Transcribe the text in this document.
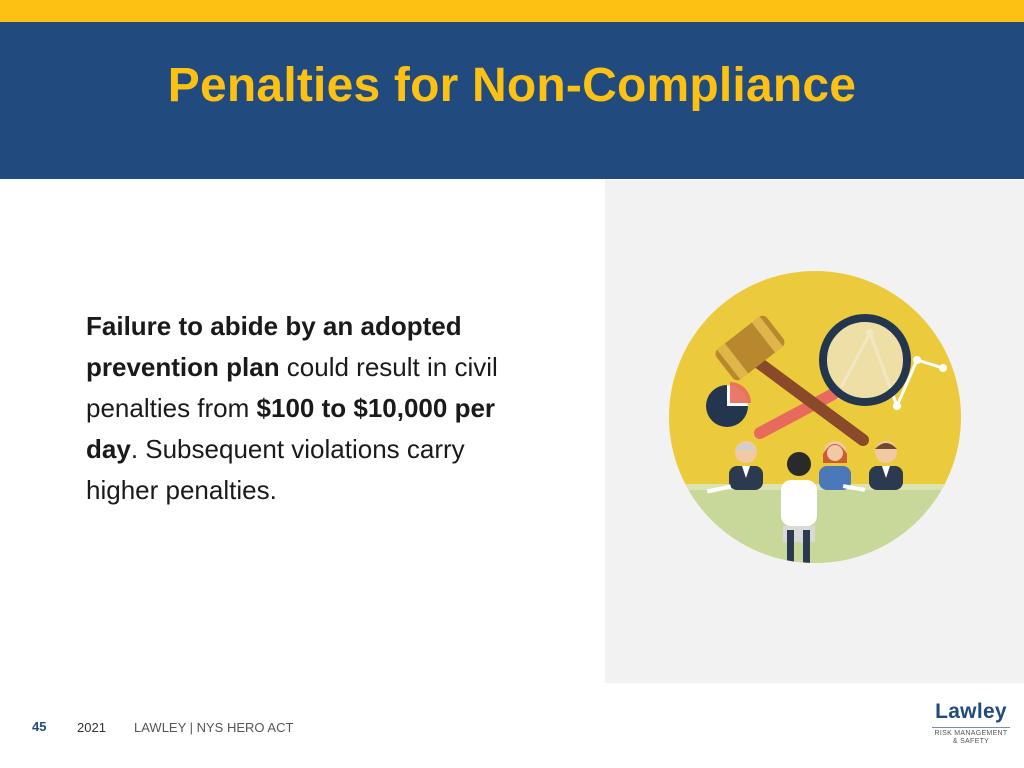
Penalties for Non-Compliance

Failure to abide by an adopted prevention plan could result in civil penalties from $100 to $10,000 per day. Subsequent violations carry higher penalties.

45 2021 LAWLEY | NYS HERO ACT
Lawley
RISK MANAGEMENT
& SAFETY
